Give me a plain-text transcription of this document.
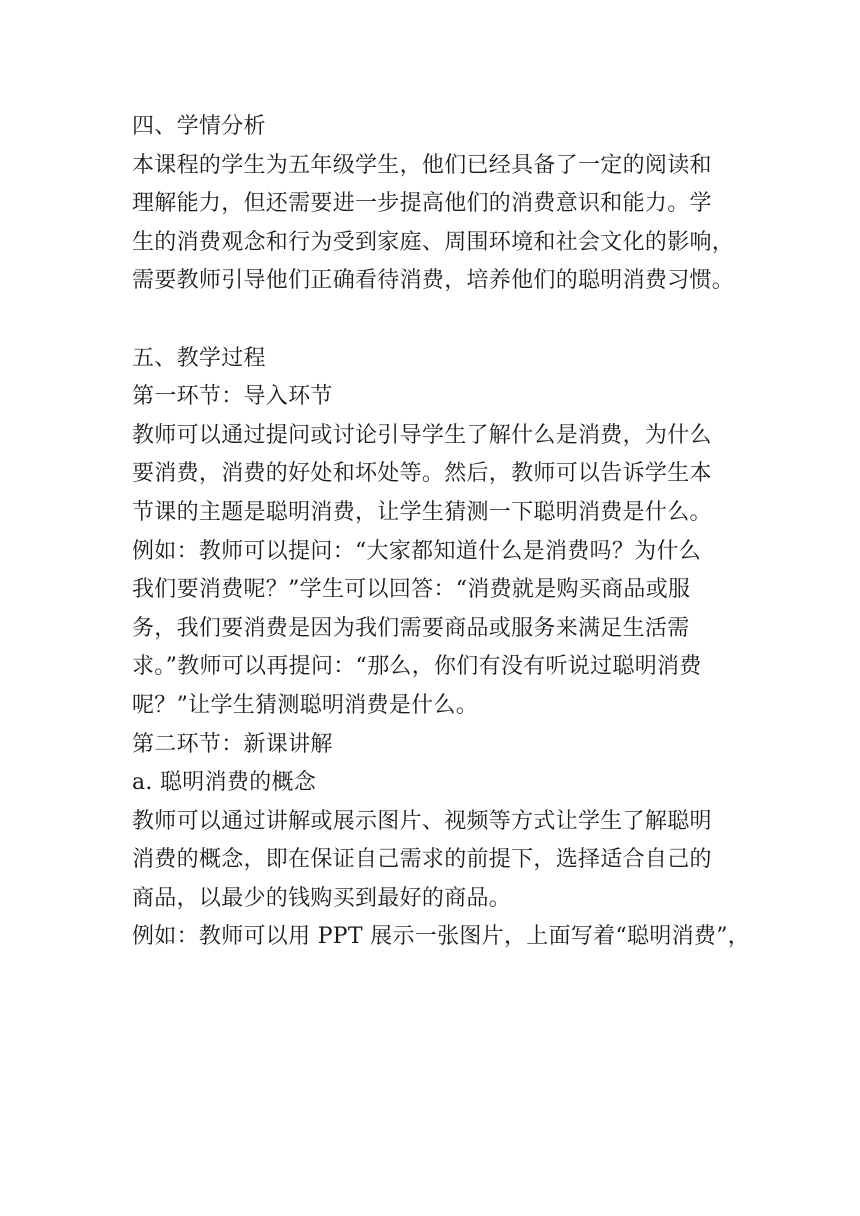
四、学情分析

本课程的学生为五年级学生，他们已经具备了一定的阅读和

理解能力，但还需要进一步提高他们的消费意识和能力。学

生的消费观念和行为受到家庭、周围环境和社会文化的影响，

需要教师引导他们正确看待消费，培养他们的聪明消费习惯。

五、教学过程

第一环节：导入环节

教师可以通过提问或讨论引导学生了解什么是消费，为什么

要消费，消费的好处和坏处等。然后，教师可以告诉学生本

节课的主题是聪明消费，让学生猜测一下聪明消费是什么。

例如：教师可以提问：“大家都知道什么是消费吗？为什么

我们要消费呢？”学生可以回答：“消费就是购买商品或服

务，我们要消费是因为我们需要商品或服务来满足生活需

求。”教师可以再提问：“那么，你们有没有听说过聪明消费

呢？”让学生猜测聪明消费是什么。

第二环节：新课讲解

a. 聪明消费的概念

教师可以通过讲解或展示图片、视频等方式让学生了解聪明

消费的概念，即在保证自己需求的前提下，选择适合自己的

商品，以最少的钱购买到最好的商品。

例如：教师可以用 PPT 展示一张图片，上面写着“聪明消费”，
